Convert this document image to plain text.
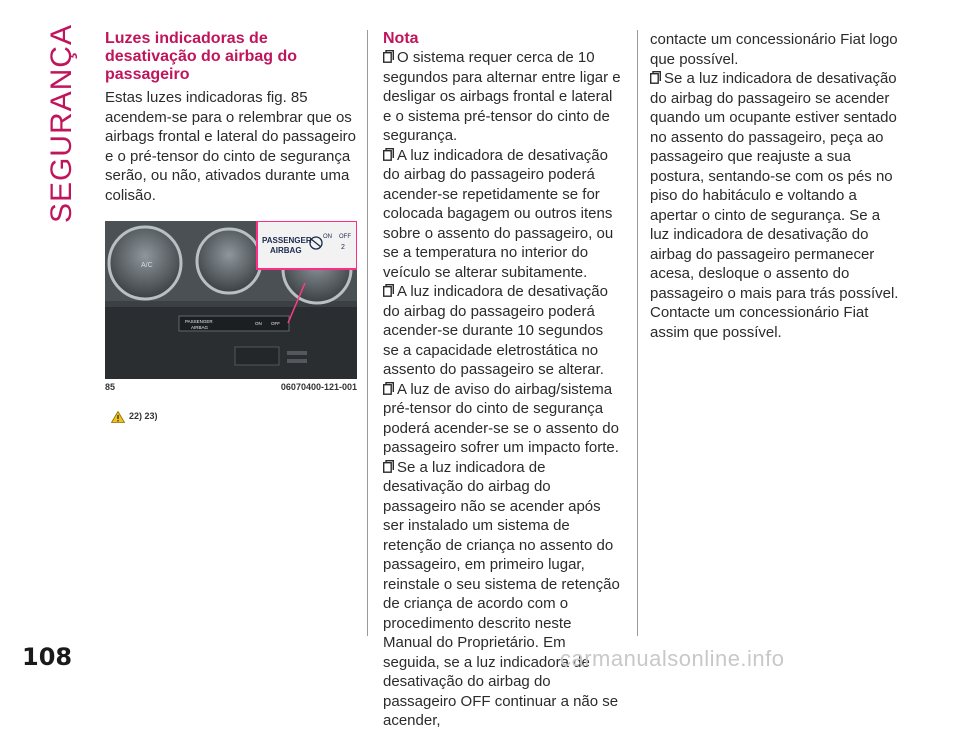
SEGURANÇA Luzes indicadoras de desativação do airbag do passageiro

Estas luzes indicadoras fig. 85 acendem-se para o relembrar que os airbags frontal e lateral do passageiro e o pré-tensor do cinto de segurança serão, ou não, ativados durante uma colisão.

A/C
PASSENGER
AIRBAG
ON OFF
PASSENGER
AIRBAG
ON OFF
2
85	06070400-121-001
22) 23)
Nota

O sistema requer cerca de 10 segundos para alternar entre ligar e desligar os airbags frontal e lateral e o sistema pré-tensor do cinto de segurança.

A luz indicadora de desativação do airbag do passageiro poderá acender-se repetidamente se for colocada bagagem ou outros itens sobre o assento do passageiro, ou se a temperatura no interior do veículo se alterar subitamente.

A luz indicadora de desativação do airbag do passageiro poderá acender-se durante 10 segundos se a capacidade eletrostática no assento do passageiro se alterar.

A luz de aviso do airbag/sistema pré-tensor do cinto de segurança poderá acender-se se o assento do passageiro sofrer um impacto forte.

Se a luz indicadora de desativação do airbag do passageiro não se acender após ser instalado um sistema de retenção de criança no assento do passageiro, em primeiro lugar, reinstale o seu sistema de retenção de criança de acordo com o procedimento descrito neste Manual do Proprietário. Em seguida, se a luz indicadora de desativação do airbag do passageiro OFF continuar a não se acender,

contacte um concessionário Fiat logo que possível.

Se a luz indicadora de desativação do airbag do passageiro se acender quando um ocupante estiver sentado no assento do passageiro, peça ao passageiro que reajuste a sua postura, sentando-se com os pés no piso do habitáculo e voltando a apertar o cinto de segurança. Se a luz indicadora de desativação do airbag do passageiro permanecer acesa, desloque o assento do passageiro o mais para trás possível. Contacte um concessionário Fiat assim que possível.

108	carmanualsonline.info
